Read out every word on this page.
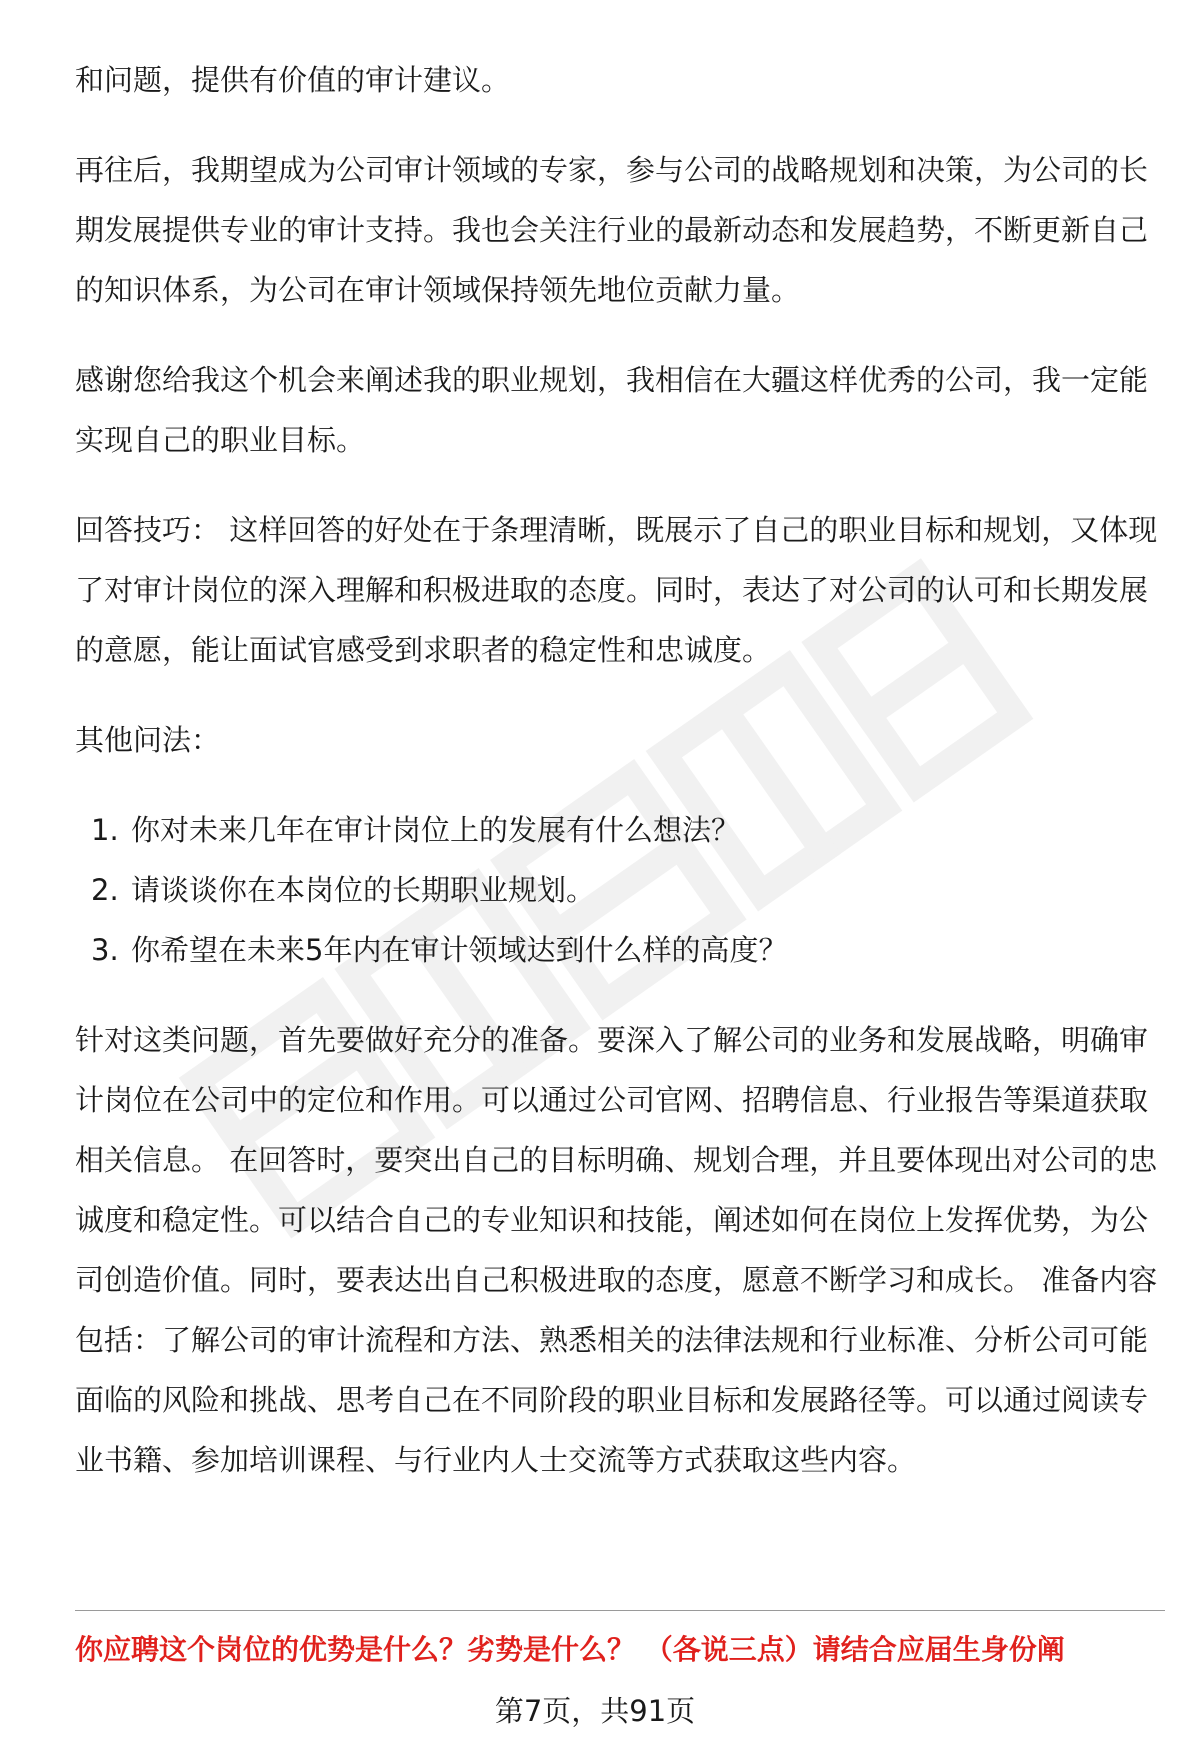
和问题，提供有价值的审计建议。

再往后，我期望成为公司审计领域的专家，参与公司的战略规划和决策，为公司的长期发展提供专业的审计支持。我也会关注行业的最新动态和发展趋势，不断更新自己的知识体系，为公司在审计领域保持领先地位贡献力量。

感谢您给我这个机会来阐述我的职业规划，我相信在大疆这样优秀的公司，我一定能实现自己的职业目标。

回答技巧： 这样回答的好处在于条理清晰，既展示了自己的职业目标和规划，又体现了对审计岗位的深入理解和积极进取的态度。同时，表达了对公司的认可和长期发展的意愿，能让面试官感受到求职者的稳定性和忠诚度。

其他问法：

1. 你对未来几年在审计岗位上的发展有什么想法？
2. 请谈谈你在本岗位的长期职业规划。
3. 你希望在未来5年内在审计领域达到什么样的高度？

针对这类问题，首先要做好充分的准备。要深入了解公司的业务和发展战略，明确审计岗位在公司中的定位和作用。可以通过公司官网、招聘信息、行业报告等渠道获取相关信息。 在回答时，要突出自己的目标明确、规划合理，并且要体现出对公司的忠诚度和稳定性。可以结合自己的专业知识和技能，阐述如何在岗位上发挥优势，为公司创造价值。同时，要表达出自己积极进取的态度，愿意不断学习和成长。 准备内容包括：了解公司的审计流程和方法、熟悉相关的法律法规和行业标准、分析公司可能面临的风险和挑战、思考自己在不同阶段的职业目标和发展路径等。可以通过阅读专业书籍、参加培训课程、与行业内人士交流等方式获取这些内容。

你应聘这个岗位的优势是什么？劣势是什么？ （各说三点）请结合应届生身份阐

第7页，共91页
